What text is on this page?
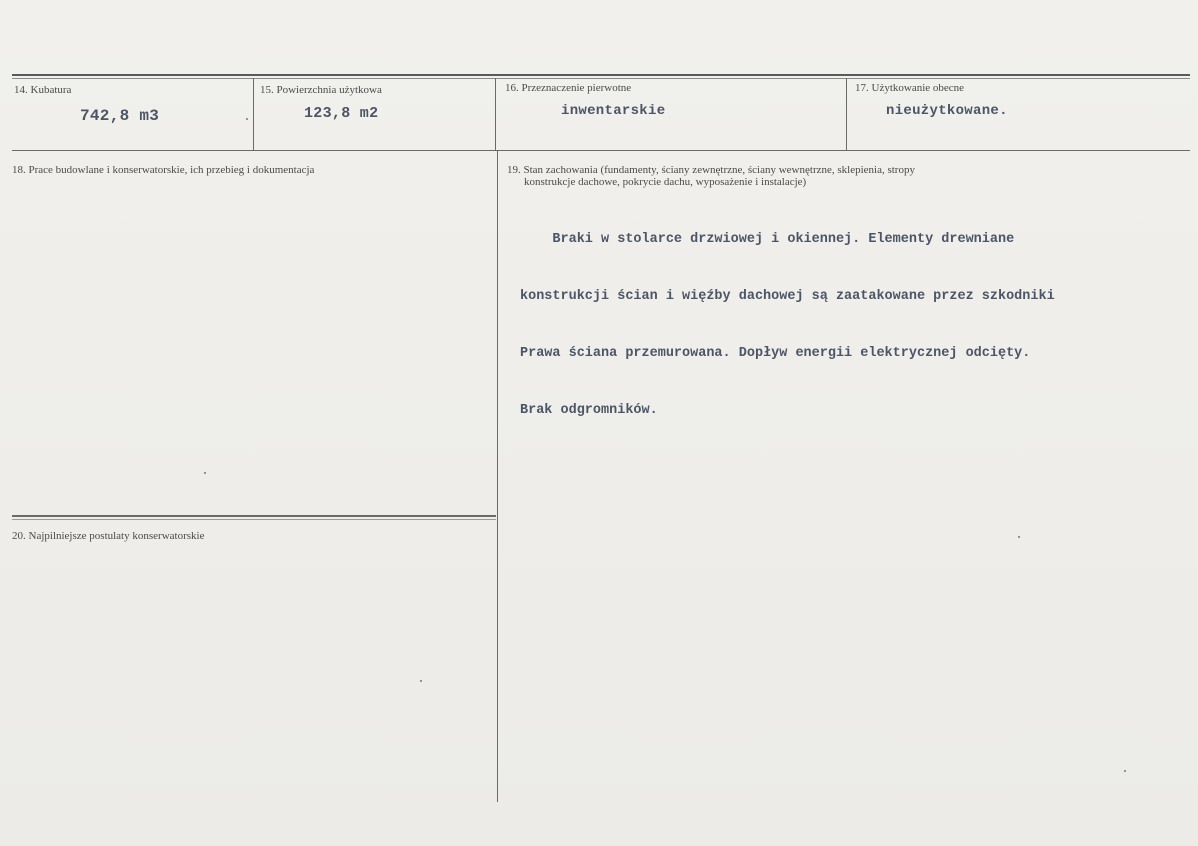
14. Kubatura
742,8 m3
15. Powierzchnia użytkowa
123,8 m2
16. Przeznaczenie pierwotne
inwentarskie
17. Użytkowanie obecne
nieużytkowane.
18. Prace budowlane i konserwatorskie, ich przebieg i dokumentacja	19. Stan zachowania (fundamenty, ściany zewnętrzne, ściany wewnętrzne, sklepienia, stropy
konstrukcje dachowe, pokrycie dachu, wyposażenie i instalacje)

Braki w stolarce drzwiowej i okiennej. Elementy drewniane

konstrukcji ścian i więźby dachowej są zaatakowane przez szkodniki

Prawa ściana przemurowana. Dopływ energii elektrycznej odcięty.

Brak odgromników.

20. Najpilniejsze postulaty konserwatorskie
